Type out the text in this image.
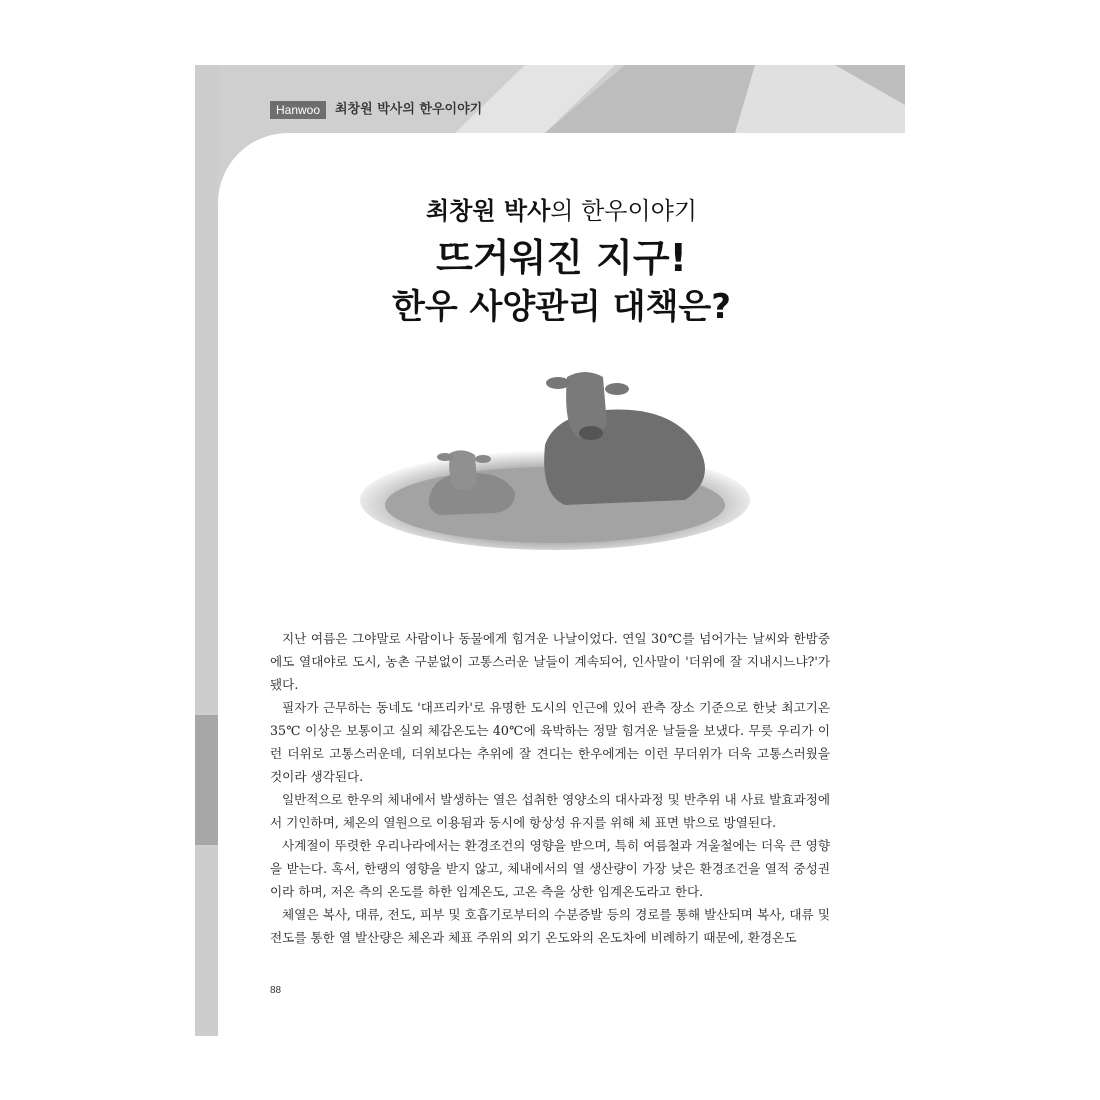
Hanwoo	최창원 박사의 한우이야기
최창원 박사의 한우이야기
뜨거워진 지구!
한우 사양관리 대책은?

지난 여름은 그야말로 사람이나 동물에게 힘겨운 나날이었다. 연일 30℃를 넘어가는 날씨와 한밤중에도 열대야로 도시, 농촌 구분없이 고통스러운 날들이 계속되어, 인사말이 '더위에 잘 지내시느냐?'가 됐다.

필자가 근무하는 동네도 '대프리카'로 유명한 도시의 인근에 있어 관측 장소 기준으로 한낮 최고기온 35℃ 이상은 보통이고 실외 체감온도는 40℃에 육박하는 정말 힘겨운 날들을 보냈다. 무릇 우리가 이런 더위로 고통스러운데, 더위보다는 추위에 잘 견디는 한우에게는 이런 무더위가 더욱 고통스러웠을 것이라 생각된다.

일반적으로 한우의 체내에서 발생하는 열은 섭취한 영양소의 대사과정 및 반추위 내 사료 발효과정에서 기인하며, 체온의 열원으로 이용됨과 동시에 항상성 유지를 위해 체 표면 밖으로 방열된다.

사계절이 뚜렷한 우리나라에서는 환경조건의 영향을 받으며, 특히 여름철과 겨울철에는 더욱 큰 영향을 받는다. 혹서, 한랭의 영향을 받지 않고, 체내에서의 열 생산량이 가장 낮은 환경조건을 열적 중성권이라 하며, 저온 측의 온도를 하한 임계온도, 고온 측을 상한 임계온도라고 한다.

체열은 복사, 대류, 전도, 피부 및 호흡기로부터의 수분증발 등의 경로를 통해 발산되며 복사, 대류 및 전도를 통한 열 발산량은 체온과 체표 주위의 외기 온도와의 온도차에 비례하기 때문에, 환경온도

88
